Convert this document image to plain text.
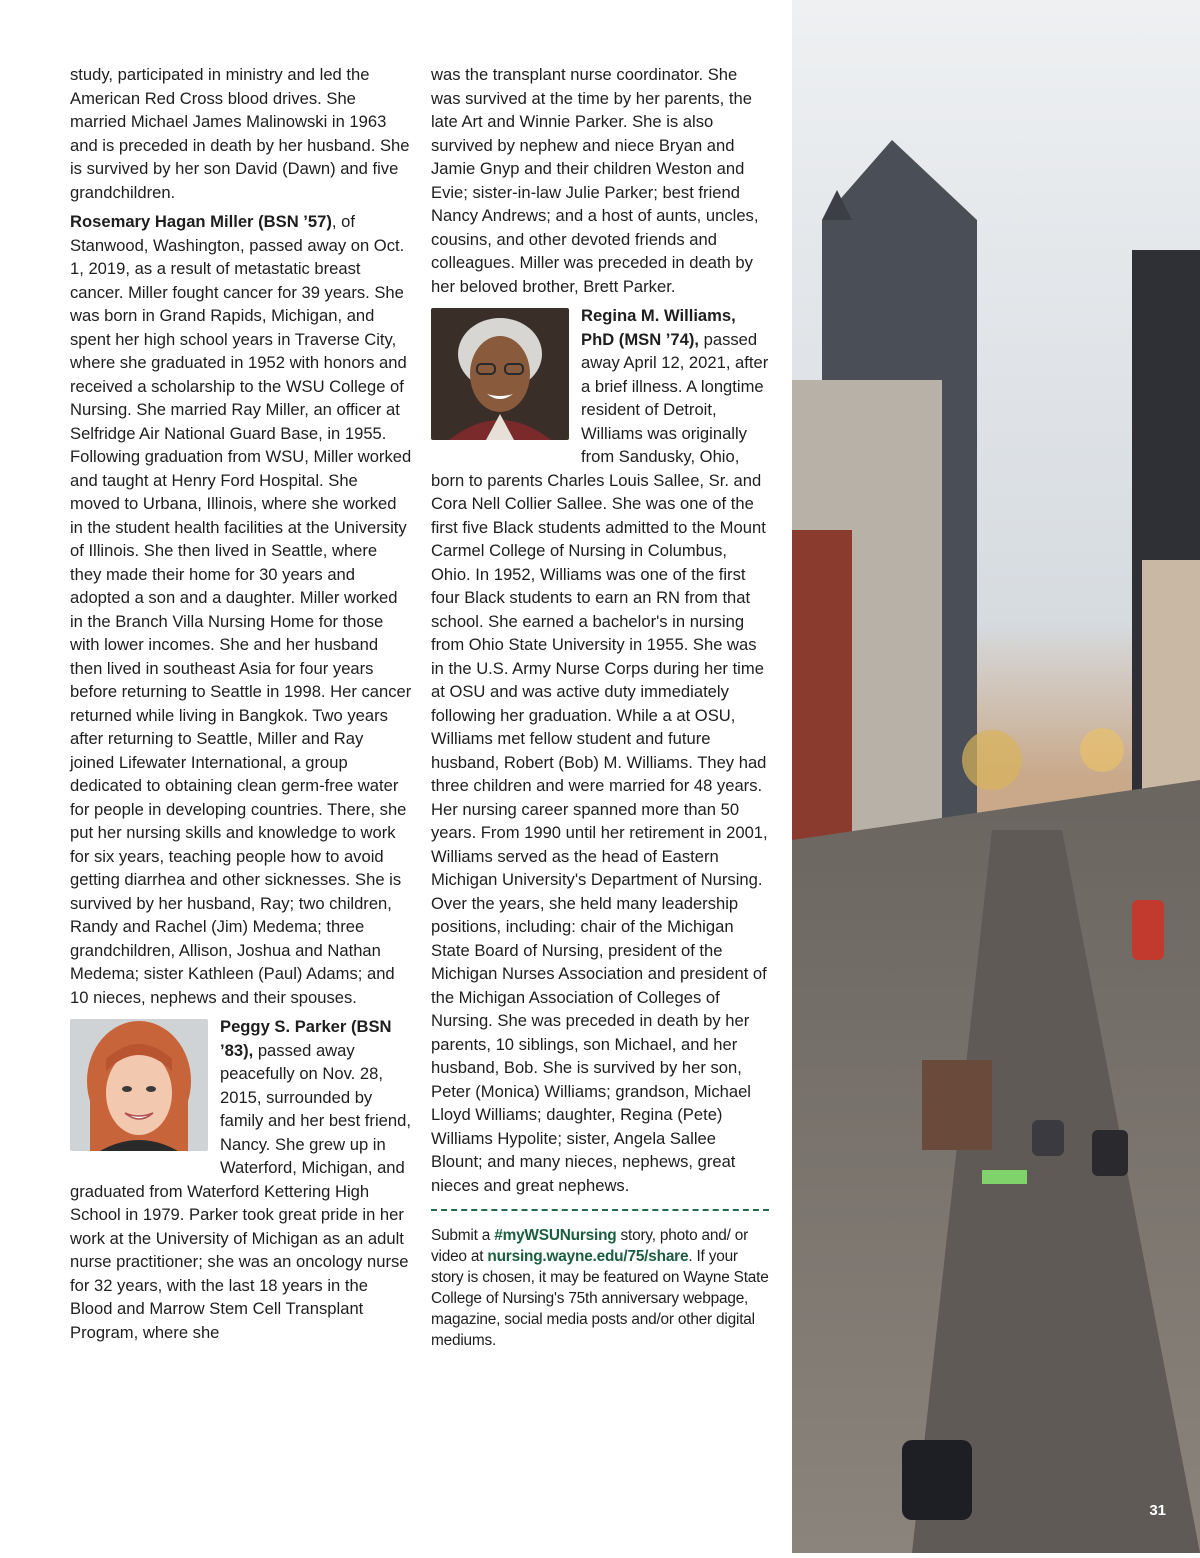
study, participated in ministry and led the American Red Cross blood drives. She married Michael James Malinowski in 1963 and is preceded in death by her husband. She is survived by her son David (Dawn) and five grandchildren.

Rosemary Hagan Miller (BSN ’57), of Stanwood, Washington, passed away on Oct. 1, 2019, as a result of metastatic breast cancer. Miller fought cancer for 39 years. She was born in Grand Rapids, Michigan, and spent her high school years in Traverse City, where she graduated in 1952 with honors and received a scholarship to the WSU College of Nursing. She married Ray Miller, an officer at Selfridge Air National Guard Base, in 1955. Following graduation from WSU, Miller worked and taught at Henry Ford Hospital. She moved to Urbana, Illinois, where she worked in the student health facilities at the University of Illinois. She then lived in Seattle, where they made their home for 30 years and adopted a son and a daughter. Miller worked in the Branch Villa Nursing Home for those with lower incomes. She and her husband then lived in southeast Asia for four years before returning to Seattle in 1998. Her cancer returned while living in Bangkok. Two years after returning to Seattle, Miller and Ray joined Lifewater International, a group dedicated to obtaining clean germ-free water for people in developing countries. There, she put her nursing skills and knowledge to work for six years, teaching people how to avoid getting diarrhea and other sicknesses. She is survived by her husband, Ray; two children, Randy and Rachel (Jim) Medema; three grandchildren, Allison, Joshua and Nathan Medema; sister Kathleen (Paul) Adams; and 10 nieces, nephews and their spouses.

Peggy S. Parker (BSN ’83), passed away peacefully on Nov. 28, 2015, surrounded by family and her best friend, Nancy. She grew up in Waterford, Michigan, and graduated from Waterford Kettering High School in 1979. Parker took great pride in her work at the University of Michigan as an adult nurse practitioner; she was an oncology nurse for 32 years, with the last 18 years in the Blood and Marrow Stem Cell Transplant Program, where she

was the transplant nurse coordinator. She was survived at the time by her parents, the late Art and Winnie Parker. She is also survived by nephew and niece Bryan and Jamie Gnyp and their children Weston and Evie; sister-in-law Julie Parker; best friend Nancy Andrews; and a host of aunts, uncles, cousins, and other devoted friends and colleagues. Miller was preceded in death by her beloved brother, Brett Parker.

Regina M. Williams, PhD (MSN ’74), passed away April 12, 2021, after a brief illness. A longtime resident of Detroit, Williams was originally from Sandusky, Ohio, born to parents Charles Louis Sallee, Sr. and Cora Nell Collier Sallee. She was one of the first five Black students admitted to the Mount Carmel College of Nursing in Columbus, Ohio. In 1952, Williams was one of the first four Black students to earn an RN from that school. She earned a bachelor's in nursing from Ohio State University in 1955. She was in the U.S. Army Nurse Corps during her time at OSU and was active duty immediately following her graduation. While a at OSU, Williams met fellow student and future husband, Robert (Bob) M. Williams. They had three children and were married for 48 years. Her nursing career spanned more than 50 years. From 1990 until her retirement in 2001, Williams served as the head of Eastern Michigan University's Department of Nursing. Over the years, she held many leadership positions, including: chair of the Michigan State Board of Nursing, president of the Michigan Nurses Association and president of the Michigan Association of Colleges of Nursing. She was preceded in death by her parents, 10 siblings, son Michael, and her husband, Bob. She is survived by her son, Peter (Monica) Williams; grandson, Michael Lloyd Williams; daughter, Regina (Pete) Williams Hypolite; sister, Angela Sallee Blount; and many nieces, nephews, great nieces and great nephews.

Submit a #myWSUNursing story, photo and/ or video at nursing.wayne.edu/75/share. If your story is chosen, it may be featured on Wayne State College of Nursing's 75th anniversary webpage, magazine, social media posts and/or other digital mediums.
31
